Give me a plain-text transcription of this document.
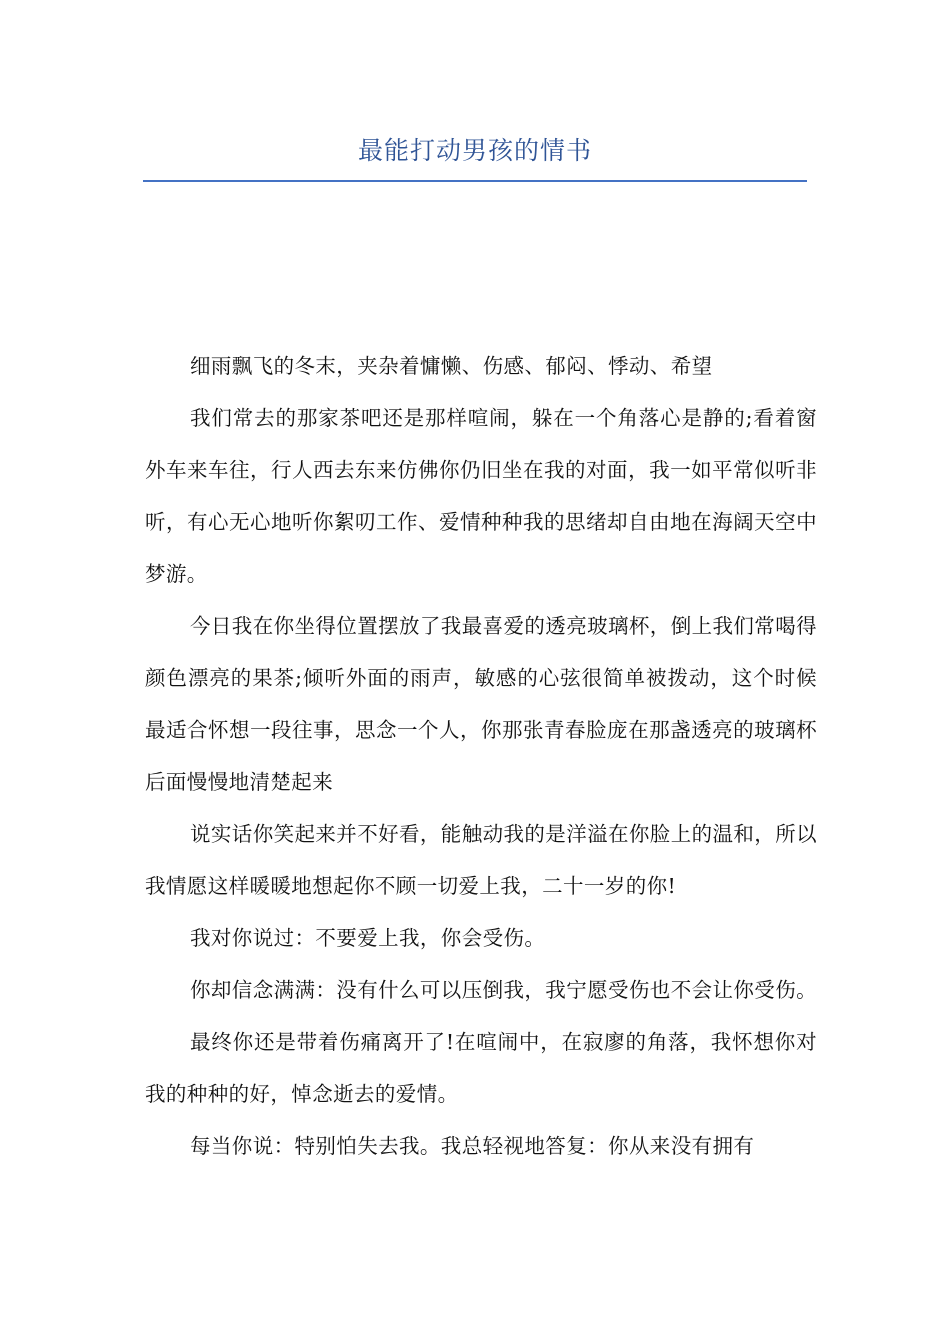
最能打动男孩的情书

细雨飘飞的冬末，夹杂着慵懒、伤感、郁闷、悸动、希望

我们常去的那家茶吧还是那样喧闹，躲在一个角落心是静的;看着窗外车来车往，行人西去东来仿佛你仍旧坐在我的对面，我一如平常似听非听，有心无心地听你絮叨工作、爱情种种我的思绪却自由地在海阔天空中梦游。

今日我在你坐得位置摆放了我最喜爱的透亮玻璃杯，倒上我们常喝得颜色漂亮的果茶;倾听外面的雨声，敏感的心弦很简单被拨动，这个时候最适合怀想一段往事，思念一个人，你那张青春脸庞在那盏透亮的玻璃杯后面慢慢地清楚起来

说实话你笑起来并不好看，能触动我的是洋溢在你脸上的温和，所以我情愿这样暖暖地想起你不顾一切爱上我，二十一岁的你!

我对你说过：不要爱上我，你会受伤。

你却信念满满：没有什么可以压倒我，我宁愿受伤也不会让你受伤。

最终你还是带着伤痛离开了!在喧闹中，在寂廖的角落，我怀想你对我的种种的好，悼念逝去的爱情。

每当你说：特别怕失去我。我总轻视地答复：你从来没有拥有
